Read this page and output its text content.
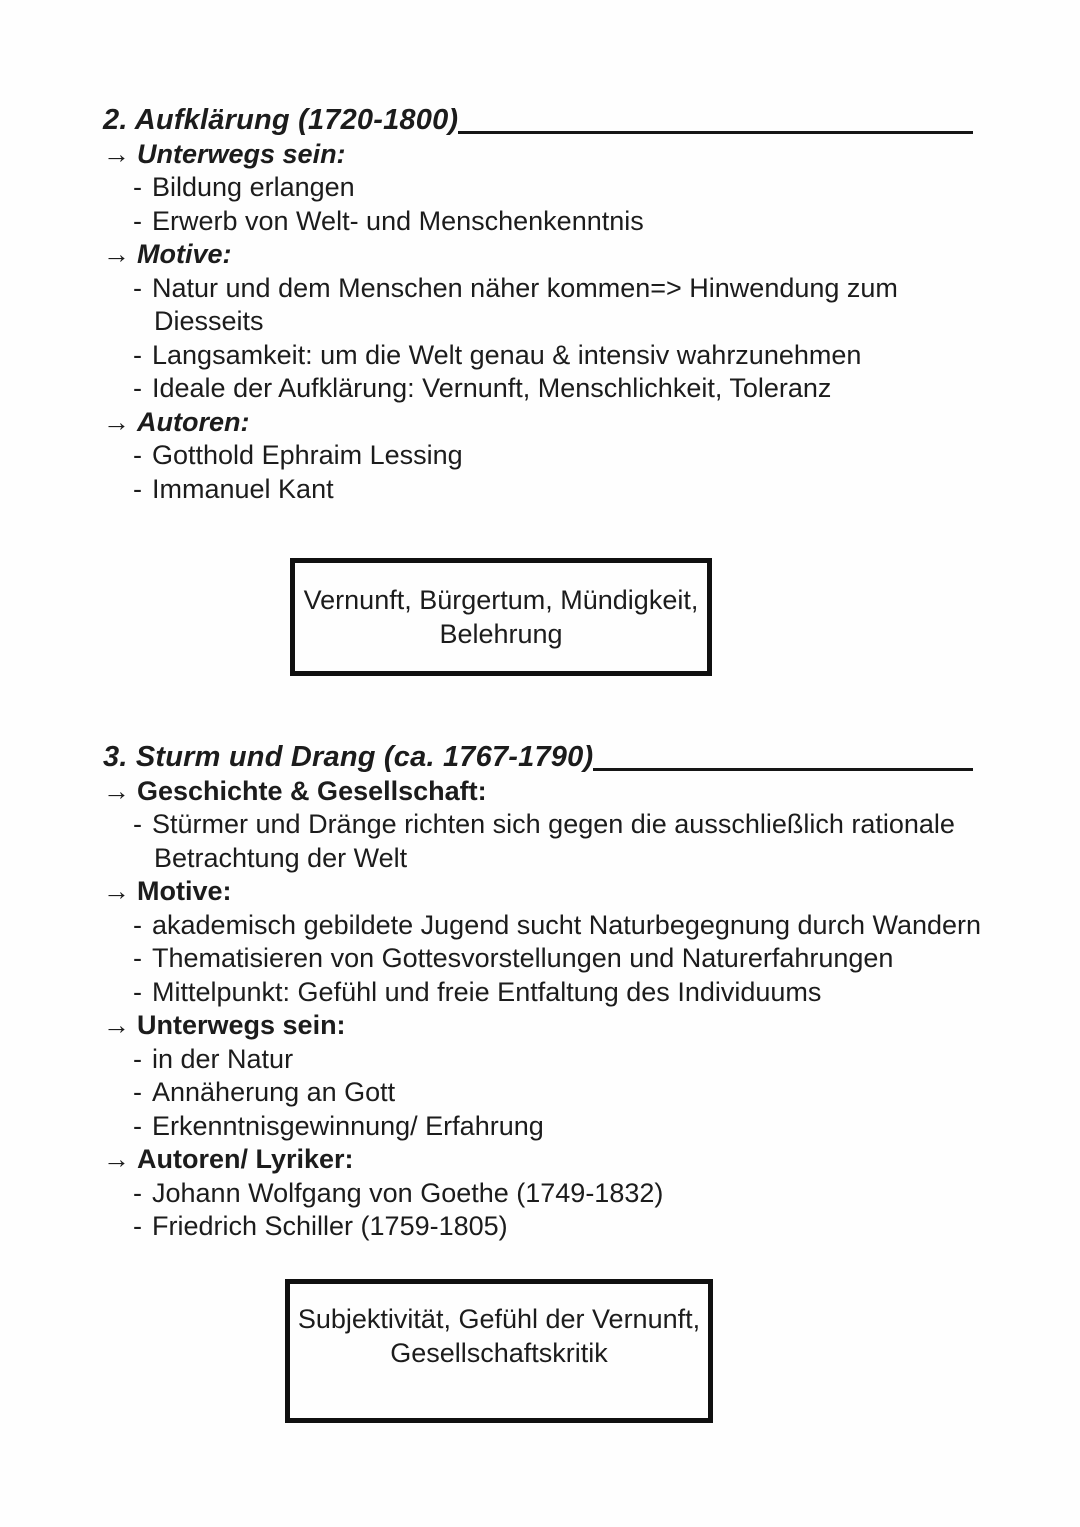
2. Aufklärung (1720-1800)
→ Unterwegs sein:
- Bildung erlangen
- Erwerb von Welt- und Menschenkenntnis
→ Motive:
- Natur und dem Menschen näher kommen=> Hinwendung zum
Diesseits
- Langsamkeit: um die Welt genau & intensiv wahrzunehmen
- Ideale der Aufklärung: Vernunft, Menschlichkeit, Toleranz
→ Autoren:
- Gotthold Ephraim Lessing
- Immanuel Kant
Vernunft, Bürgertum, Mündigkeit,
Belehrung
3. Sturm und Drang (ca. 1767-1790)
→ Geschichte & Gesellschaft:
- Stürmer und Dränge richten sich gegen die ausschließlich rationale
Betrachtung der Welt
→ Motive:
- akademisch gebildete Jugend sucht Naturbegegnung durch Wandern
- Thematisieren von Gottesvorstellungen und Naturerfahrungen
- Mittelpunkt: Gefühl und freie Entfaltung des Individuums
→ Unterwegs sein:
- in der Natur
- Annäherung an Gott
- Erkenntnisgewinnung/ Erfahrung
→ Autoren/ Lyriker:
- Johann Wolfgang von Goethe (1749-1832)
- Friedrich Schiller (1759-1805)
Subjektivität, Gefühl der Vernunft,
Gesellschaftskritik
